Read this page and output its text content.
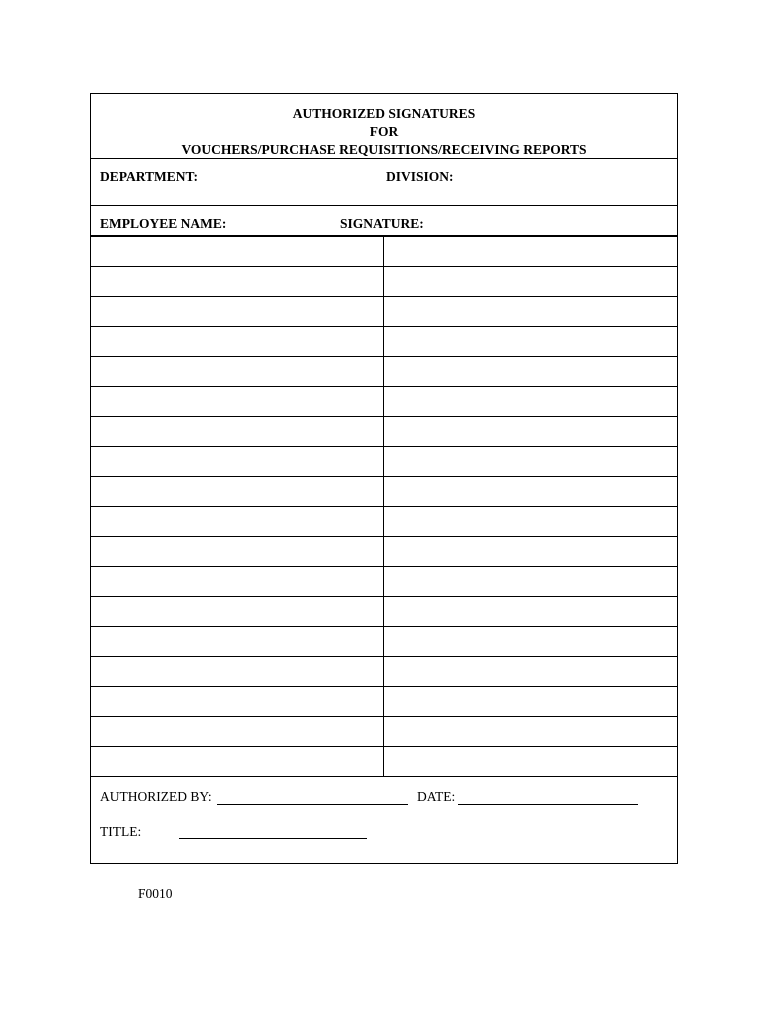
AUTHORIZED SIGNATURES
FOR
VOUCHERS/PURCHASE REQUISITIONS/RECEIVING REPORTS
DEPARTMENT:	DIVISION:
EMPLOYEE NAME:	SIGNATURE:
AUTHORIZED BY:	DATE:
TITLE:
F0010
